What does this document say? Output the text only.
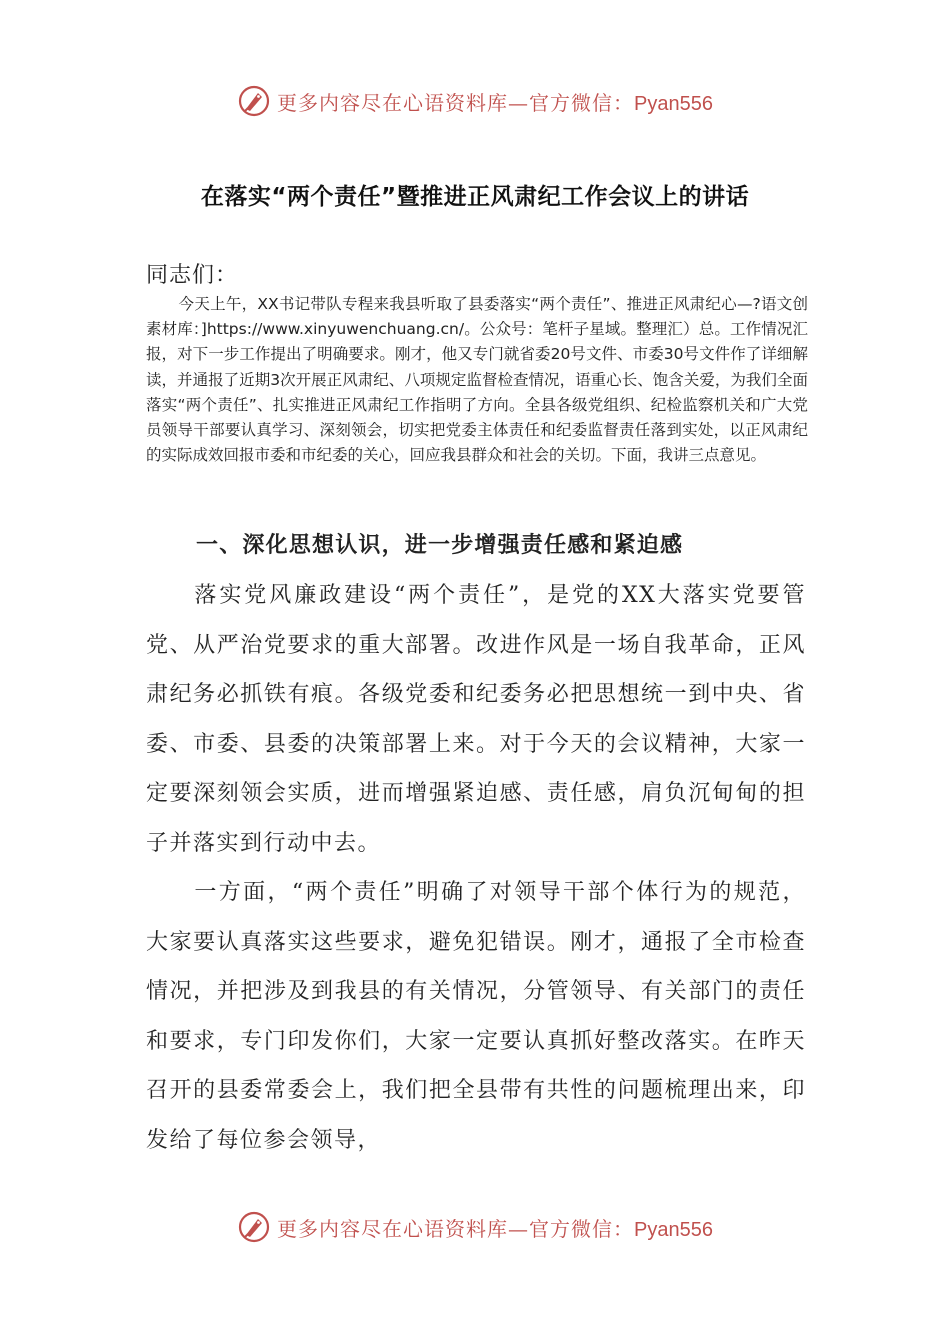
更多内容尽在心语资料库—官方微信：Pyan556
在落实“两个责任”暨推进正风肃纪工作会议上的讲话
同志们：

今天上午，XX书记带队专程来我县听取了县委落实“两个责任”、推进正风肃纪心—?语文创素材库：]https://www.xinyuwenchuang.cn/。公众号：笔杆子星域。整理汇）总。工作情况汇报，对下一步工作提出了明确要求。刚才，他又专门就省委20号文件、市委30号文件作了详细解读，并通报了近期3次开展正风肃纪、八项规定监督检查情况，语重心长、饱含关爱，为我们全面落实“两个责任”、扎实推进正风肃纪工作指明了方向。全县各级党组织、纪检监察机关和广大党员领导干部要认真学习、深刻领会，切实把党委主体责任和纪委监督责任落到实处，以正风肃纪的实际成效回报市委和市纪委的关心，回应我县群众和社会的关切。下面，我讲三点意见。

一、深化思想认识，进一步增强责任感和紧迫感

落实党风廉政建设“两个责任”，是党的XX大落实党要管党、从严治党要求的重大部署。改进作风是一场自我革命，正风肃纪务必抓铁有痕。各级党委和纪委务必把思想统一到中央、省委、市委、县委的决策部署上来。对于今天的会议精神，大家一定要深刻领会实质，进而增强紧迫感、责任感，肩负沉甸甸的担子并落实到行动中去。

一方面，“两个责任”明确了对领导干部个体行为的规范，大家要认真落实这些要求，避免犯错误。刚才，通报了全市检查情况，并把涉及到我县的有关情况，分管领导、有关部门的责任和要求，专门印发你们，大家一定要认真抓好整改落实。在昨天召开的县委常委会上，我们把全县带有共性的问题梳理出来，印发给了每位参会领导，

更多内容尽在心语资料库—官方微信：Pyan556
